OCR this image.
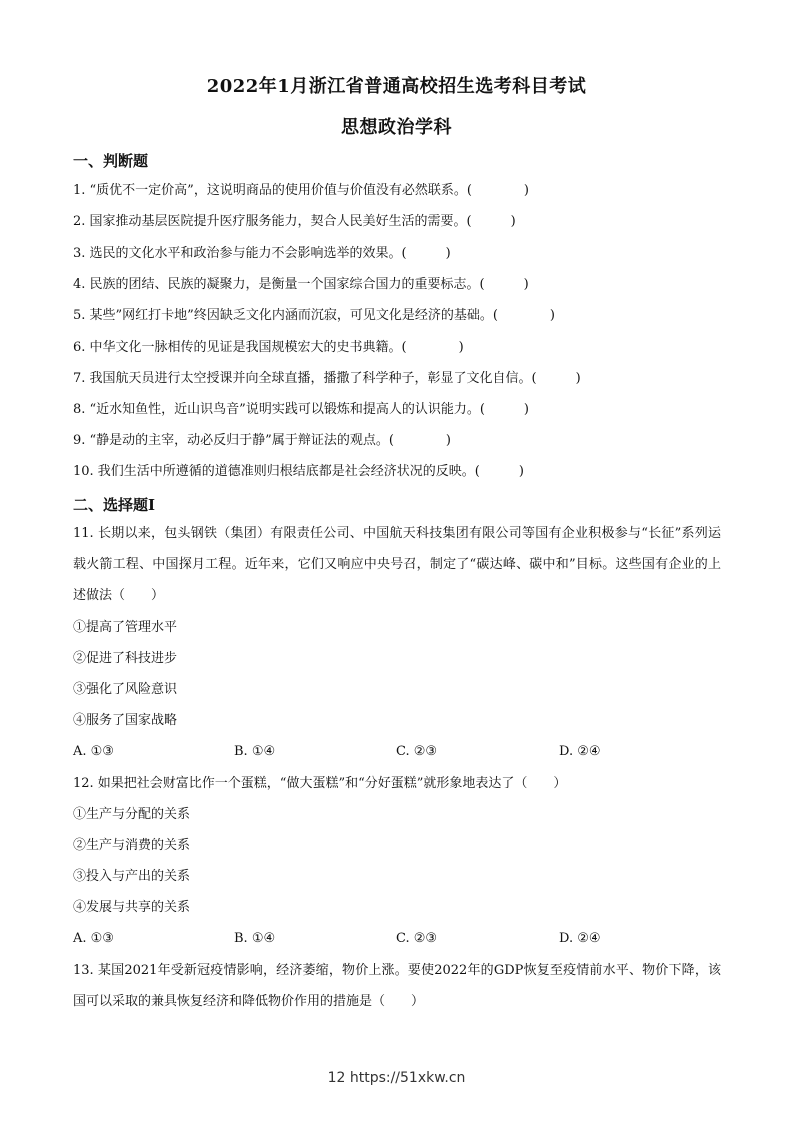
2022年1月浙江省普通高校招生选考科目考试
思想政治学科
一、判断题
1. “质优不一定价高”，这说明商品的使用价值与价值没有必然联系。(　　　　)
2. 国家推动基层医院提升医疗服务能力，契合人民美好生活的需要。(　　　)
3. 选民的文化水平和政治参与能力不会影响选举的效果。(　　　)
4. 民族的团结、民族的凝聚力，是衡量一个国家综合国力的重要标志。(　　　)
5. 某些”网红打卡地”终因缺乏文化内涵而沉寂，可见文化是经济的基础。(　　　　)
6. 中华文化一脉相传的见证是我国规模宏大的史书典籍。(　　　　)
7. 我国航天员进行太空授课并向全球直播，播撒了科学种子，彰显了文化自信。(　　　)
8. “近水知鱼性，近山识鸟音”说明实践可以锻炼和提高人的认识能力。(　　　)
9. “静是动的主宰，动必反归于静”属于辩证法的观点。(　　　　)
10. 我们生活中所遵循的道德准则归根结底都是社会经济状况的反映。(　　　)
二、选择题Ⅰ
11. 长期以来，包头钢铁（集团）有限责任公司、中国航天科技集团有限公司等国有企业积极参与“长征”系列运载火箭工程、中国探月工程。近年来，它们又响应中央号召，制定了“碳达峰、碳中和”目标。这些国有企业的上述做法（　　）
①提高了管理水平
②促进了科技进步
③强化了风险意识
④服务了国家战略
A. ①③	B. ①④	C. ②③	D. ②④
12. 如果把社会财富比作一个蛋糕，“做大蛋糕”和“分好蛋糕”就形象地表达了（　　）
①生产与分配的关系
②生产与消费的关系
③投入与产出的关系
④发展与共享的关系
A. ①③	B. ①④	C. ②③	D. ②④
13. 某国2021年受新冠疫情影响，经济萎缩，物价上涨。要使2022年的GDP恢复至疫情前水平、物价下降，该国可以采取的兼具恢复经济和降低物价作用的措施是（　　）
12 https://51xkw.cn
